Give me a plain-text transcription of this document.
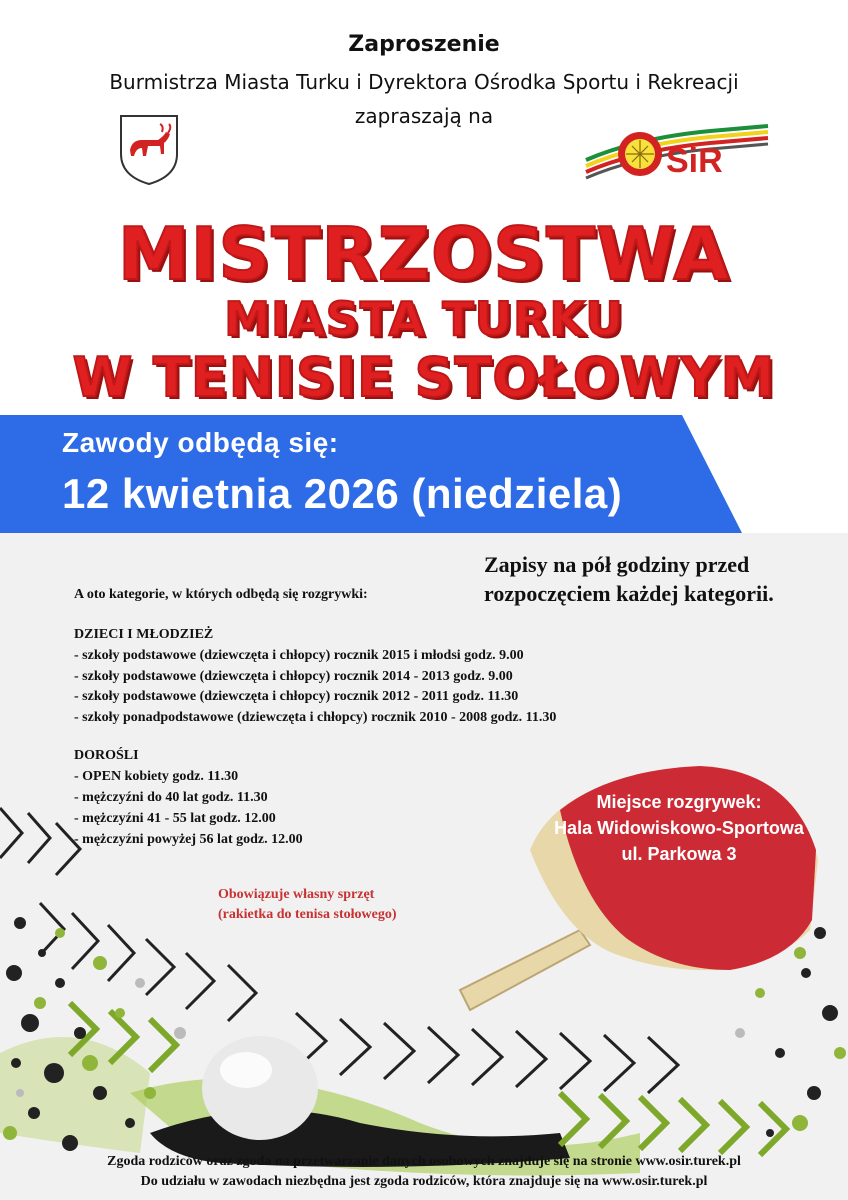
Zaproszenie
Burmistrza Miasta Turku i Dyrektora Ośrodka Sportu i Rekreacji
zapraszają na
SiR
MISTRZOSTWA
MIASTA TURKU
W TENISIE STOŁOWYM
Zawody odbędą się:
12 kwietnia 2026 (niedziela)
Zapisy na pół godziny przed
rozpoczęciem każdej kategorii.
A oto kategorie, w których odbędą się rozgrywki:
DZIECI I MŁODZIEŻ
- szkoły podstawowe (dziewczęta i chłopcy) rocznik 2015 i młodsi godz. 9.00
- szkoły podstawowe (dziewczęta i chłopcy) rocznik 2014 - 2013 godz. 9.00
- szkoły podstawowe (dziewczęta i chłopcy) rocznik 2012 - 2011 godz. 11.30
- szkoły ponadpodstawowe (dziewczęta i chłopcy) rocznik 2010 - 2008 godz. 11.30
DOROŚLI
- OPEN kobiety godz. 11.30
- mężczyźni do 40 lat godz. 11.30
- mężczyźni 41 - 55 lat godz. 12.00
- mężczyźni powyżej 56 lat godz. 12.00
Obowiązuje własny sprzęt
(rakietka do tenisa stołowego)
Miejsce rozgrywek:
Hala Widowiskowo-Sportowa
ul. Parkowa 3
Zgoda rodziców oraz zgoda na przetwarzanie danych osobowych znajduje się na stronie www.osir.turek.pl
Do udziału w zawodach niezbędna jest zgoda rodziców, która znajduje się na www.osir.turek.pl
